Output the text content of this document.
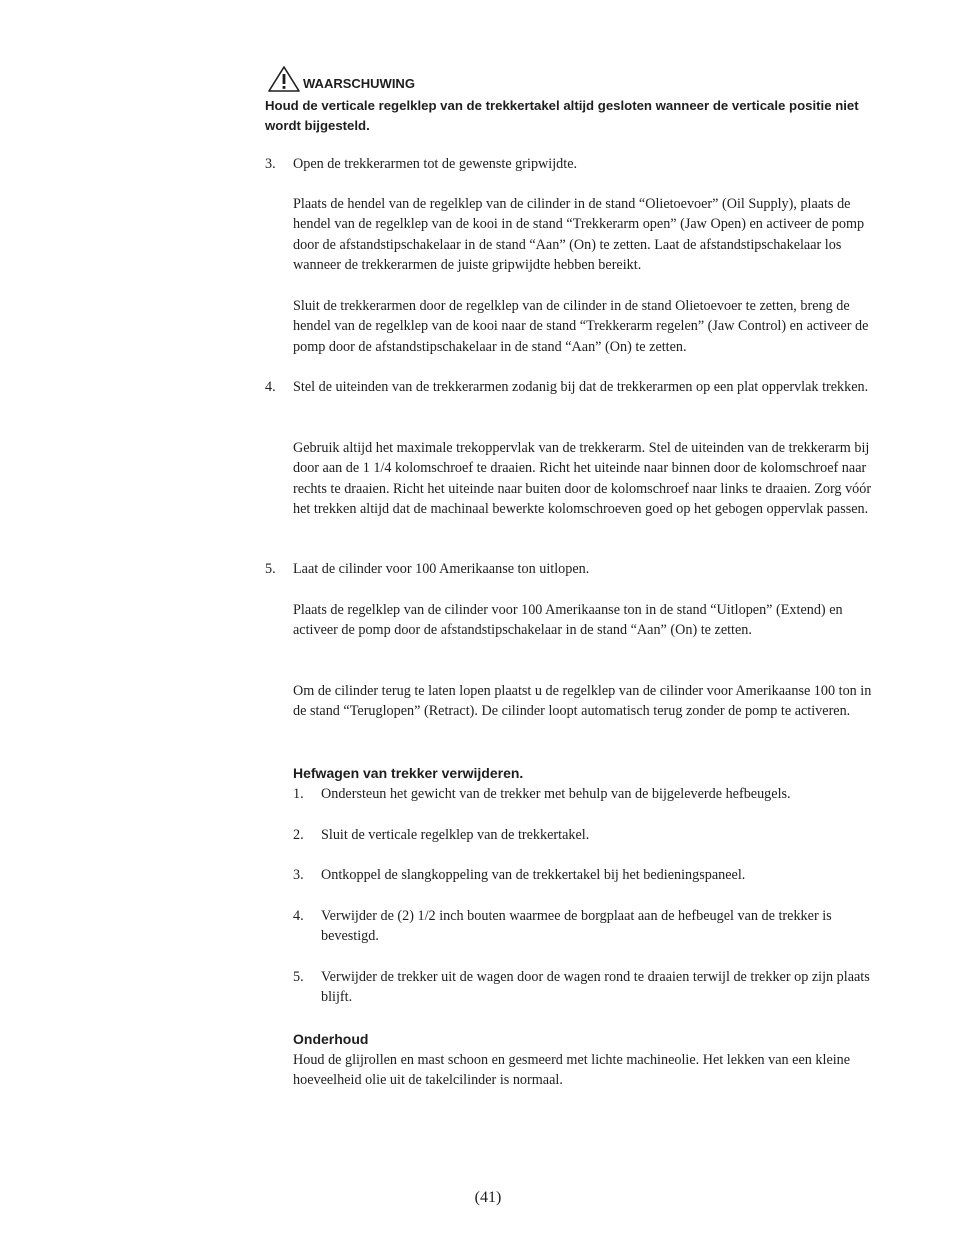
WAARSCHUWING
Houd de verticale regelklep van de trekkertakel altijd gesloten wanneer de verticale positie niet wordt bijgesteld.
3.	Open de trekkerarmen tot de gewenste gripwijdte.
Plaats de hendel van de regelklep van de cilinder in de stand “Olietoevoer” (Oil Supply), plaats de hendel van de regelklep van de kooi in de stand “Trekkerarm open” (Jaw Open) en activeer de pomp door de afstandstipschakelaar in de stand “Aan” (On) te zetten. Laat de afstandstipschakelaar los wanneer de trekkerarmen de juiste gripwijdte hebben bereikt.
Sluit de trekkerarmen door de regelklep van de cilinder in de stand Olietoevoer te zetten, breng de hendel van de regelklep van de kooi naar de stand “Trekkerarm regelen” (Jaw Control) en activeer de pomp door de afstandstipschakelaar in de stand “Aan” (On) te zetten.
4.	Stel de uiteinden van de trekkerarmen zodanig bij dat de trekkerarmen op een plat oppervlak trekken.
Gebruik altijd het maximale trekoppervlak van de trekkerarm. Stel de uiteinden van de trekkerarm bij door aan de 1 1/4 kolomschroef te draaien. Richt het uiteinde naar binnen door de kolomschroef naar rechts te draaien. Richt het uiteinde naar buiten door de kolomschroef naar links te draaien. Zorg vóór het trekken altijd dat de machinaal bewerkte kolomschroeven goed op het gebogen oppervlak passen.
5.	Laat de cilinder voor 100 Amerikaanse ton uitlopen.
Plaats de regelklep van de cilinder voor 100 Amerikaanse ton in de stand “Uitlopen” (Extend) en activeer de pomp door de afstandstipschakelaar in de stand “Aan” (On) te zetten.
Om de cilinder terug te laten lopen plaatst u de regelklep van de cilinder voor Amerikaanse 100 ton in de stand “Teruglopen” (Retract). De cilinder loopt automatisch terug zonder de pomp te activeren.
Hefwagen van trekker verwijderen.
1.	Ondersteun het gewicht van de trekker met behulp van de bijgeleverde hefbeugels.
2.	Sluit de verticale regelklep van de trekkertakel.
3.	Ontkoppel de slangkoppeling van de trekkertakel bij het bedieningspaneel.
4.	Verwijder de (2) 1/2 inch bouten waarmee de borgplaat aan de hefbeugel van de trekker is bevestigd.
5.	Verwijder de trekker uit de wagen door de wagen rond te draaien terwijl de trekker op zijn plaats blijft.
Onderhoud
Houd de glijrollen en mast schoon en gesmeerd met lichte machineolie. Het lekken van een kleine hoeveelheid olie uit de takelcilinder is normaal.
(41)
